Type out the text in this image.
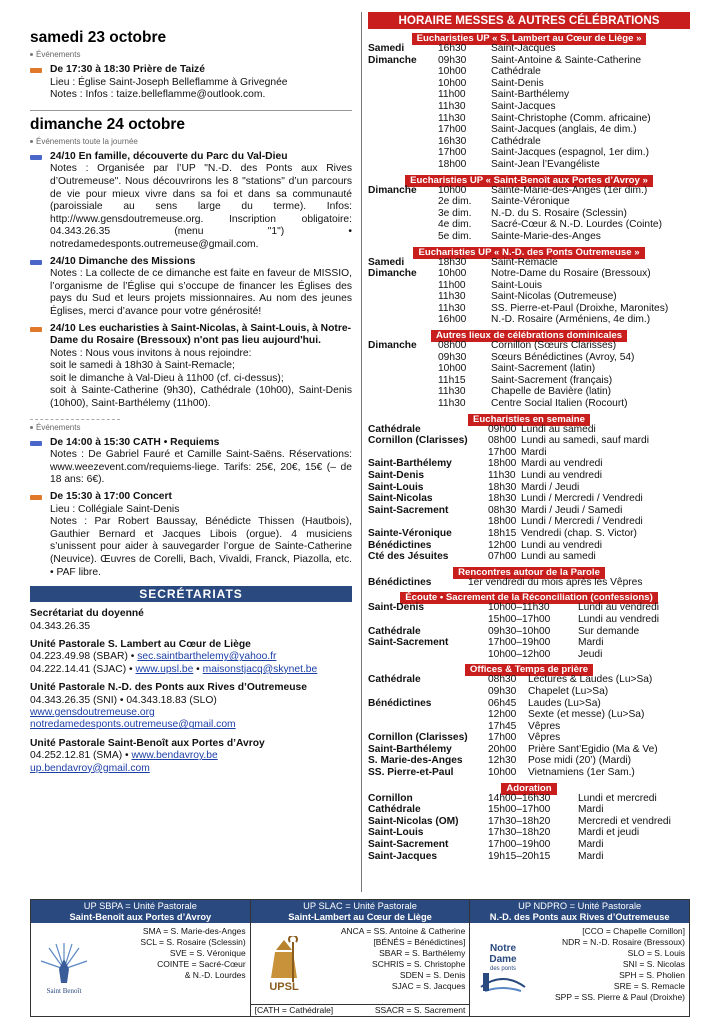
samedi 23 octobre
Événements
De 17:30 à 18:30 Prière de Taizé
Lieu : Église Saint-Joseph Belleflamme à Grivegnée
Notes : Infos : taize.belleflamme@outlook.com.
dimanche 24 octobre
Événements toute la journée
24/10 En famille, découverte du Parc du Val-Dieu
Notes : Organisée par l’UP "N.-D. des Ponts aux Rives d’Outremeuse". Nous découvrirons les 8 "stations" d’un parcours de vie pour mieux vivre dans sa foi et dans sa communauté (paroissiale au sens large du terme). Infos: http://www.gensdoutremeuse.org. Inscription obligatoire: 04.343.26.35 (menu "1") • notredamedesponts.outremeuse@gmail.com.
24/10 Dimanche des Missions
Notes : La collecte de ce dimanche est faite en faveur de MISSIO, l’organisme de l’Église qui s’occupe de financer les Églises des pays du Sud et leurs projets missionnaires. Au nom des jeunes Églises, merci d’avance pour votre générosité!
24/10 Les eucharisties à Saint-Nicolas, à Saint-Louis, à Notre-Dame du Rosaire (Bressoux) n'ont pas lieu aujourd'hui.
Notes : Nous vous invitons à nous rejoindre:
soit le samedi à 18h30 à Saint-Remacle;
soit le dimanche à Val-Dieu à 11h00 (cf. ci-dessus);
soit à Sainte-Catherine (9h30), Cathédrale (10h00), Saint-Denis (10h00), Saint-Barthélemy (11h00).
Événements
De 14:00 à 15:30 CATH • Requiems
Notes : De Gabriel Fauré et Camille Saint-Saëns. Réservations: www.weezevent.com/requiems-liege. Tarifs: 25€, 20€, 15€ (– de 18 ans: 6€).
De 15:30 à 17:00 Concert
Lieu : Collégiale Saint-Denis
Notes : Par Robert Baussay, Bénédicte Thissen (Hautbois), Gauthier Bernard et Jacques Libois (orgue). 4 musiciens s’unissent pour aider à sauvegarder l’orgue de Sainte-Catherine (Neuvice). Œuvres de Corelli, Bach, Vivaldi, Franck, Piazolla, etc. • PAF libre.
SECRÉTARIATS
Secrétariat du doyenné
04.343.26.35
Unité Pastorale S. Lambert au Cœur de Liège
04.223.49.98 (SBAR) • sec.saintbarthelemy@yahoo.fr
04.222.14.41 (SJAC) • www.upsl.be • maisonstjacq@skynet.be
Unité Pastorale N.-D. des Ponts aux Rives d’Outremeuse
04.343.26.35 (SNI) • 04.343.18.83 (SLO)
www.gensdoutremeuse.org
notredamedesponts.outremeuse@gmail.com
Unité Pastorale Saint-Benoît aux Portes d’Avroy
04.252.12.81 (SMA) • www.bendavroy.be
up.bendavroy@gmail.com
HORAIRE MESSES & AUTRES CÉLÉBRATIONS
Eucharisties UP « S. Lambert au Cœur de Liège »
Samedi	16h30	Saint-Jacques
Dimanche	09h30	Saint-Antoine & Sainte-Catherine
10h00	Cathédrale
10h00	Saint-Denis
11h00	Saint-Barthélemy
11h30	Saint-Jacques
11h30	Saint-Christophe (Comm. africaine)
17h00	Saint-Jacques (anglais, 4e dim.)
16h30	Cathédrale
17h00	Saint-Jacques (espagnol, 1er dim.)
18h00	Saint-Jean l’Évangéliste
Eucharisties UP « Saint-Benoît aux Portes d’Avroy »
Dimanche	10h00	Sainte-Marie-des-Anges (1er dim.)
2e dim.	Sainte-Véronique
3e dim.	N.-D. du S. Rosaire (Sclessin)
4e dim.	Sacré-Cœur & N.-D. Lourdes (Cointe)
5e dim.	Sainte-Marie-des-Anges
Eucharisties UP « N.-D. des Ponts Outremeuse »
Samedi	18h30	Saint-Remacle
Dimanche	10h00	Notre-Dame du Rosaire (Bressoux)
11h00	Saint-Louis
11h30	Saint-Nicolas (Outremeuse)
11h30	SS. Pierre-et-Paul (Droixhe, Maronites)
16h00	N.-D. Rosaire (Arméniens, 4e dim.)
Autres lieux de célébrations dominicales
Dimanche	08h00	Cornillon (Sœurs Clarisses)
09h30	Sœurs Bénédictines (Avroy, 54)
10h00	Saint-Sacrement (latin)
11h15	Saint-Sacrement (français)
11h30	Chapelle de Bavière (latin)
11h30	Centre Social Italien (Rocourt)
Eucharisties en semaine
Cathédrale	09h00 Lundi au samedi
Cornillon (Clarisses)	08h00 Lundi au samedi, sauf mardi
17h00 Mardi
Saint-Barthélemy	18h00 Mardi au vendredi
Saint-Denis	11h30 Lundi au vendredi
Saint-Louis	18h30 Mardi / Jeudi
Saint-Nicolas	18h30 Lundi / Mercredi / Vendredi
Saint-Sacrement	08h30 Mardi / Jeudi / Samedi
18h00 Lundi / Mercredi / Vendredi
Sainte-Véronique	18h15 Vendredi (chap. S. Victor)
Bénédictines	12h00 Lundi au vendredi
Cté des Jésuites	07h00 Lundi au samedi
Rencontres autour de la Parole
Bénédictines	1er vendredi du mois après les Vêpres
Écoute • Sacrement de la Réconciliation (confessions)
Saint-Denis	10h00–11h30	Lundi au vendredi
15h00–17h00	Lundi au vendredi
Cathédrale	09h30–10h00	Sur demande
Saint-Sacrement	17h00–19h00	Mardi
10h00–12h00	Jeudi
Offices & Temps de prière
Cathédrale	08h30	Lectures & Laudes (Lu>Sa)
09h30	Chapelet (Lu>Sa)
Bénédictines	06h45	Laudes (Lu>Sa)
12h00	Sexte (et messe) (Lu>Sa)
17h45	Vêpres
Cornillon (Clarisses)	17h00	Vêpres
Saint-Barthélemy	20h00	Prière Sant’Egidio (Ma & Ve)
S. Marie-des-Anges	12h30	Pose midi (20’) (Mardi)
SS. Pierre-et-Paul	10h00	Vietnamiens (1er Sam.)
Adoration
Cornillon	14h00–16h30	Lundi et mercredi
Cathédrale	15h00–17h00	Mardi
Saint-Nicolas (OM)	17h30–18h20	Mercredi et vendredi
Saint-Louis	17h30–18h20	Mardi et jeudi
Saint-Sacrement	17h00–19h00	Mardi
Saint-Jacques	19h15–20h15	Mardi
UP SBPA = Unité Pastorale
Saint-Benoît aux Portes d’Avroy
Saint Benoît
SMA = S. Marie-des-Anges
SCL = S. Rosaire (Sclessin)
SVE = S. Véronique
COINTE = Sacré-Cœur
& N.-D. Lourdes
UP SLAC = Unité Pastorale
Saint-Lambert au Cœur de Liège
UPSL
ANCA = SS. Antoine & Catherine
[BÉNÉS = Bénédictines]
SBAR = S. Barthélemy
SCHRIS = S. Christophe
SDEN = S. Denis
SJAC = S. Jacques
[CATH = Cathédrale]	SSACR = S. Sacrement
UP NDPRO = Unité Pastorale
N.-D. des Ponts aux Rives d’Outremeuse
Notre
Dame
des ponts
[CCO = Chapelle Cornillon]
NDR = N.-D. Rosaire (Bressoux)
SLO = S. Louis
SNI = S. Nicolas
SPH = S. Pholien
SRE = S. Remacle
SPP = SS. Pierre & Paul (Droixhe)
